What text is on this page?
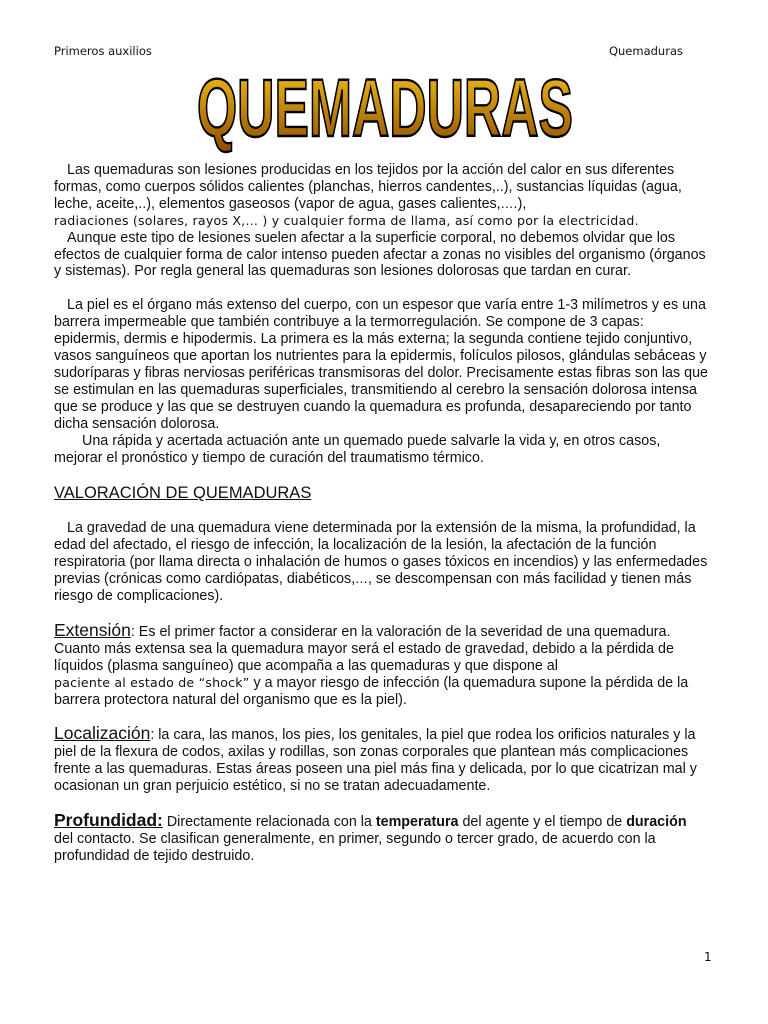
Primeros auxilios	Quemaduras
QUEMADURAS

Las quemaduras son lesiones producidas en los tejidos por la acción del calor en sus diferentes formas, como cuerpos sólidos calientes (planchas, hierros candentes,..), sustancias líquidas (agua, leche, aceite,..), elementos gaseosos (vapor de agua, gases calientes,….),
radiaciones (solares, rayos X,… ) y cualquier forma de llama, así como por la electricidad.

Aunque este tipo de lesiones suelen afectar a la superficie corporal, no debemos olvidar que los efectos de cualquier forma de calor intenso pueden afectar a zonas no visibles del organismo (órganos y sistemas). Por regla general las quemaduras son lesiones dolorosas que tardan en curar.

La piel es el órgano más extenso del cuerpo, con un espesor que varía entre 1-3 milímetros y es una barrera impermeable que también contribuye a la termorregulación. Se compone de 3 capas: epidermis, dermis e hipodermis. La primera es la más externa; la segunda contiene tejido conjuntivo, vasos sanguíneos que aportan los nutrientes para la epidermis, folículos pilosos, glándulas sebáceas y sudoríparas y fibras nerviosas periféricas transmisoras del dolor. Precisamente estas fibras son las que se estimulan en las quemaduras superficiales, transmitiendo al cerebro la sensación dolorosa intensa que se produce y las que se destruyen cuando la quemadura es profunda, desapareciendo por tanto dicha sensación dolorosa.

Una rápida y acertada actuación ante un quemado puede salvarle la vida y, en otros casos, mejorar el pronóstico y tiempo de curación del traumatismo térmico.

VALORACIÓN DE QUEMADURAS

La gravedad de una quemadura viene determinada por la extensión de la misma, la profundidad, la edad del afectado, el riesgo de infección, la localización de la lesión, la afectación de la función respiratoria (por llama directa o inhalación de humos o gases tóxicos en incendios) y las enfermedades previas (crónicas como cardiópatas, diabéticos,…, se descompensan con más facilidad y tienen más riesgo de complicaciones).

Extensión: Es el primer factor a considerar en la valoración de la severidad de una quemadura. Cuanto más extensa sea la quemadura mayor será el estado de gravedad, debido a la pérdida de líquidos (plasma sanguíneo) que acompaña a las quemaduras y que dispone al
paciente al estado de “shock” y a mayor riesgo de infección (la quemadura supone la pérdida de la barrera protectora natural del organismo que es la piel).

Localización: la cara, las manos, los pies, los genitales, la piel que rodea los orificios naturales y la piel de la flexura de codos, axilas y rodillas, son zonas corporales que plantean más complicaciones frente a las quemaduras. Estas áreas poseen una piel más fina y delicada, por lo que cicatrizan mal y ocasionan un gran perjuicio estético, si no se tratan adecuadamente.

Profundidad: Directamente relacionada con la temperatura del agente y el tiempo de duración del contacto. Se clasifican generalmente, en primer, segundo o tercer grado, de acuerdo con la profundidad de tejido destruido.

1
